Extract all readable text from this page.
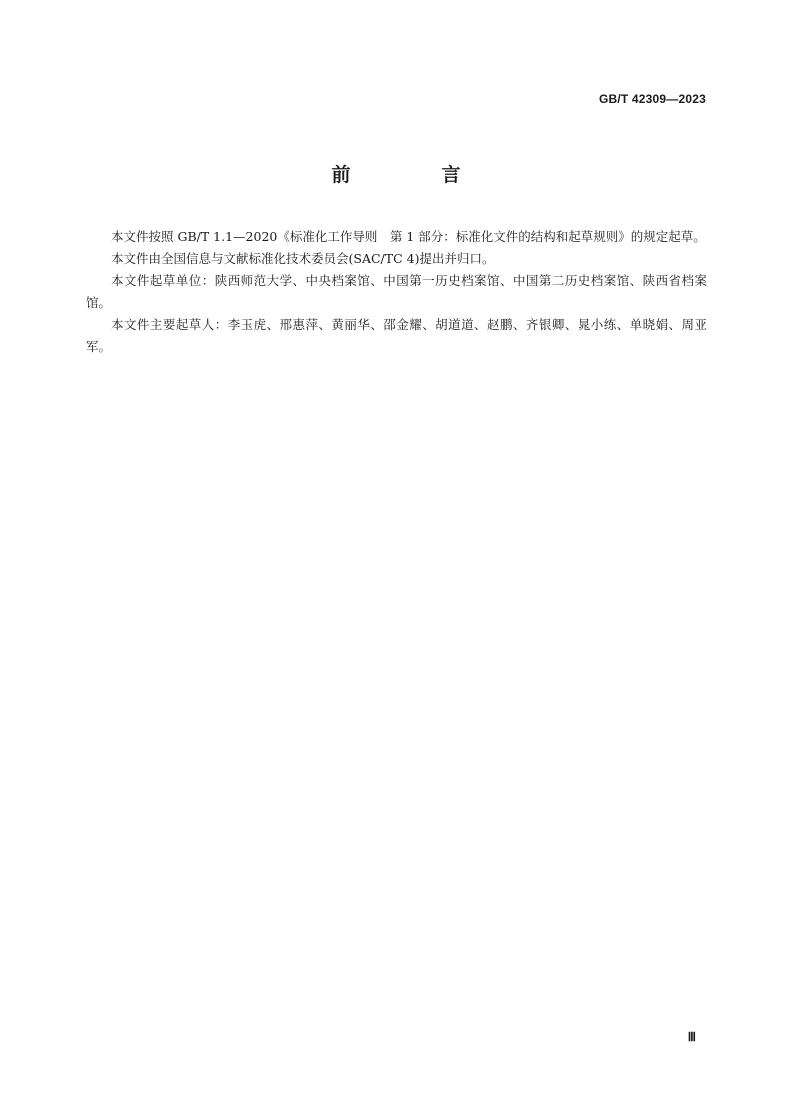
GB/T 42309—2023
前　言

本文件按照 GB/T 1.1—2020《标准化工作导则　第 1 部分：标准化文件的结构和起草规则》的规定起草。

本文件由全国信息与文献标准化技术委员会(SAC/TC 4)提出并归口。

本文件起草单位：陕西师范大学、中央档案馆、中国第一历史档案馆、中国第二历史档案馆、陕西省档案馆。

本文件主要起草人：李玉虎、邢惠萍、黄丽华、邵金耀、胡道道、赵鹏、齐银卿、晁小练、单晓娟、周亚军。

Ⅲ
